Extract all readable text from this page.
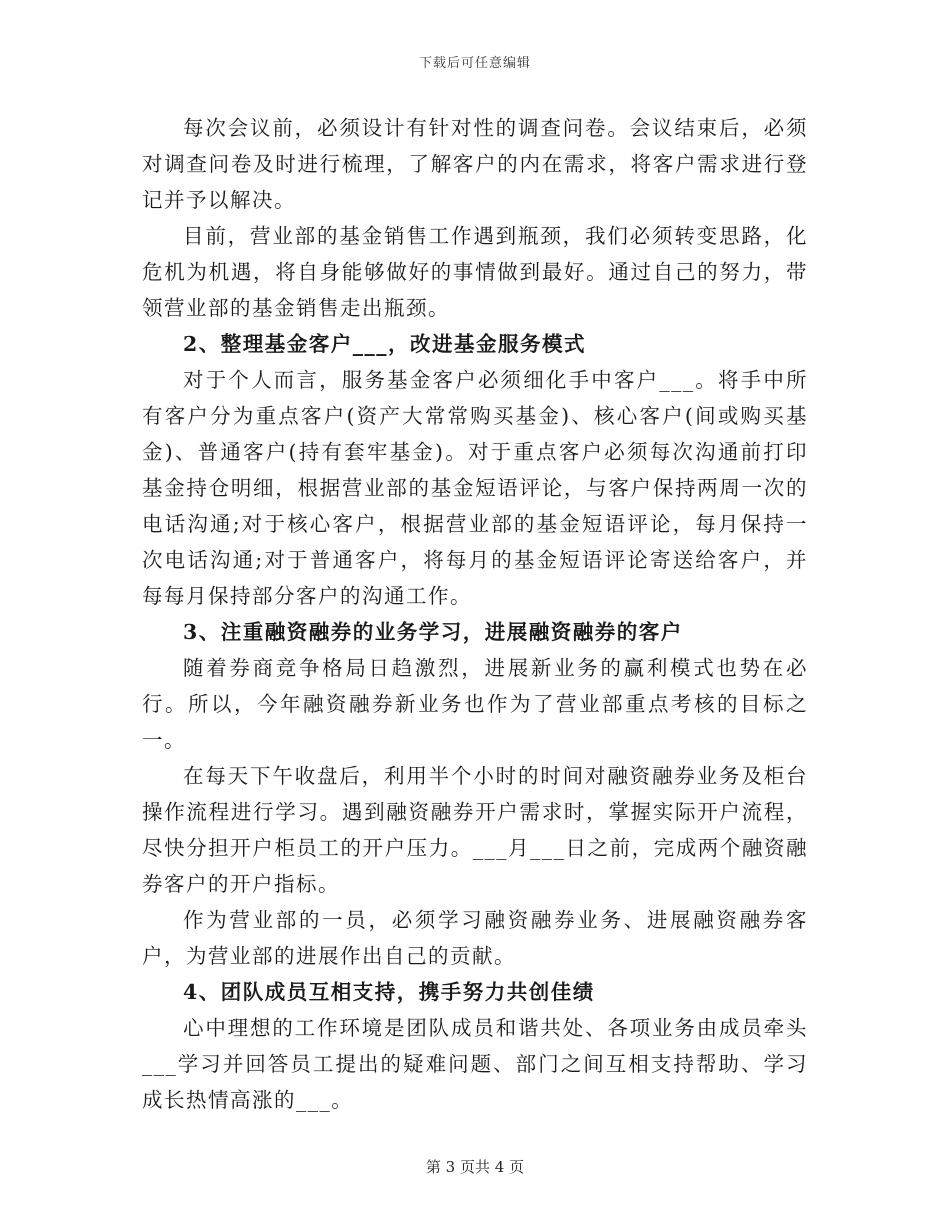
下载后可任意编辑

每次会议前，必须设计有针对性的调查问卷。会议结束后，必须对调查问卷及时进行梳理，了解客户的内在需求，将客户需求进行登记并予以解决。

目前，营业部的基金销售工作遇到瓶颈，我们必须转变思路，化危机为机遇，将自身能够做好的事情做到最好。通过自己的努力，带领营业部的基金销售走出瓶颈。

2、整理基金客户___，改进基金服务模式

对于个人而言，服务基金客户必须细化手中客户___。将手中所有客户分为重点客户(资产大常常购买基金)、核心客户(间或购买基金)、普通客户(持有套牢基金)。对于重点客户必须每次沟通前打印基金持仓明细，根据营业部的基金短语评论，与客户保持两周一次的电话沟通;对于核心客户，根据营业部的基金短语评论，每月保持一次电话沟通;对于普通客户，将每月的基金短语评论寄送给客户，并每每月保持部分客户的沟通工作。

3、注重融资融券的业务学习，进展融资融券的客户

随着券商竞争格局日趋激烈，进展新业务的赢利模式也势在必行。所以，今年融资融券新业务也作为了营业部重点考核的目标之一。

在每天下午收盘后，利用半个小时的时间对融资融券业务及柜台操作流程进行学习。遇到融资融券开户需求时，掌握实际开户流程，尽快分担开户柜员工的开户压力。___月___日之前，完成两个融资融券客户的开户指标。

作为营业部的一员，必须学习融资融券业务、进展融资融券客户，为营业部的进展作出自己的贡献。

4、团队成员互相支持，携手努力共创佳绩

心中理想的工作环境是团队成员和谐共处、各项业务由成员牵头___学习并回答员工提出的疑难问题、部门之间互相支持帮助、学习成长热情高涨的___。

第 3 页共 4 页
